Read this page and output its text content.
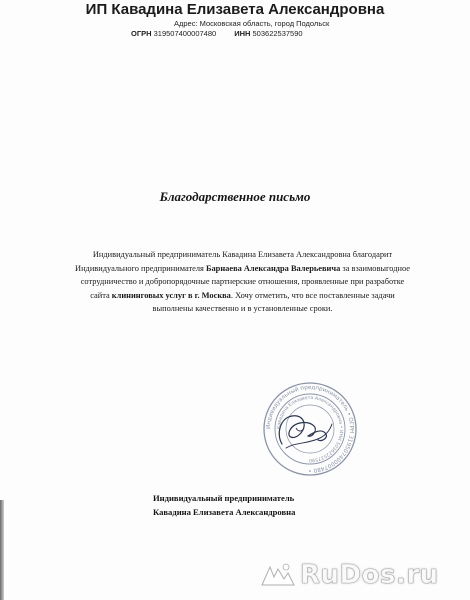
ИП Кавадина Елизавета Александровна
Адрес: Московская область, город Подольск
ОГРН 319507400007480 ИНН 503622537590
Благодарственное письмо
Индивидуальный предприниматель Кавадина Елизавета Александровна благодарит
Индивидуального предпринимателя Барнаева Александра Валерьевича за взаимовыгодное
сотрудничество и добропорядочные партнерские отношения, проявленные при разработке
сайта клининговых услуг в г. Москва. Хочу отметить, что все поставленные задачи
выполнены качественно и в установленные сроки.
Индивидуальный предприниматель • ОГРН 319507400007480 •
Кавадина Елизавета Александровна • ИНН 503622537590
Индивидуальный предприниматель
Кавадина Елизавета Александровна
RuDos.ru
